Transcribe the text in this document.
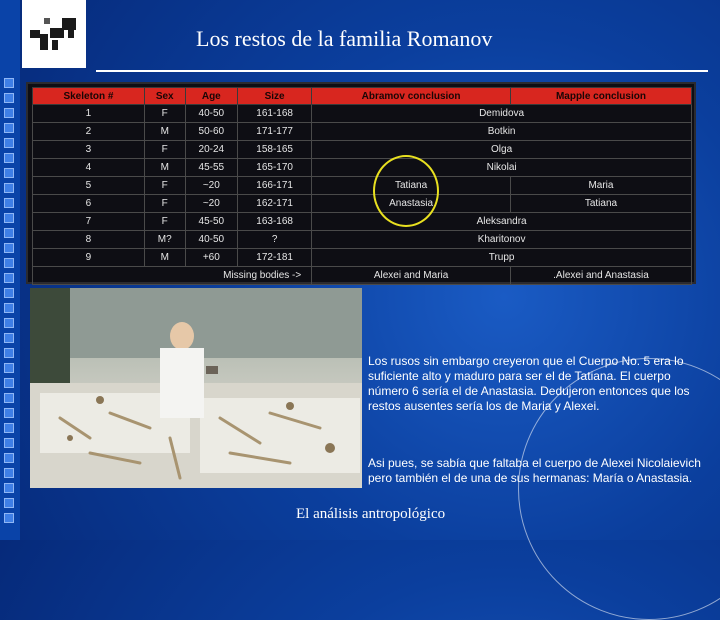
Los restos de la familia Romanov
Skeleton #	Sex	Age	Size	Abramov conclusion	Mapple conclusion
1	F	40-50	161-168	Demidova	
2	M	50-60	171-177	Botkin	
3	F	20-24	158-165	Olga	
4	M	45-55	165-170	Nikolai	
5	F	~20	166-171	Tatiana	Maria
6	F	~20	162-171	Anastasia	Tatiana
7	F	45-50	163-168	Aleksandra	
8	M?	40-50	?	Kharitonov	
9	M	+60	172-181	Trupp	
Missing bodies ->				Alexei and Maria	.Alexei and Anastasia
Los rusos sin embargo creyeron que el Cuerpo No. 5 era lo suficiente alto y maduro para ser el de Tatiana. El cuerpo número 6 sería el de Anastasia. Dedujeron entonces que los restos ausentes sería los de Maria y Alexei.
Asi pues, se sabía que faltaba el cuerpo de Alexei Nicolaievich pero también el de una de sus hermanas: María o Anastasia.
El análisis antropológico
